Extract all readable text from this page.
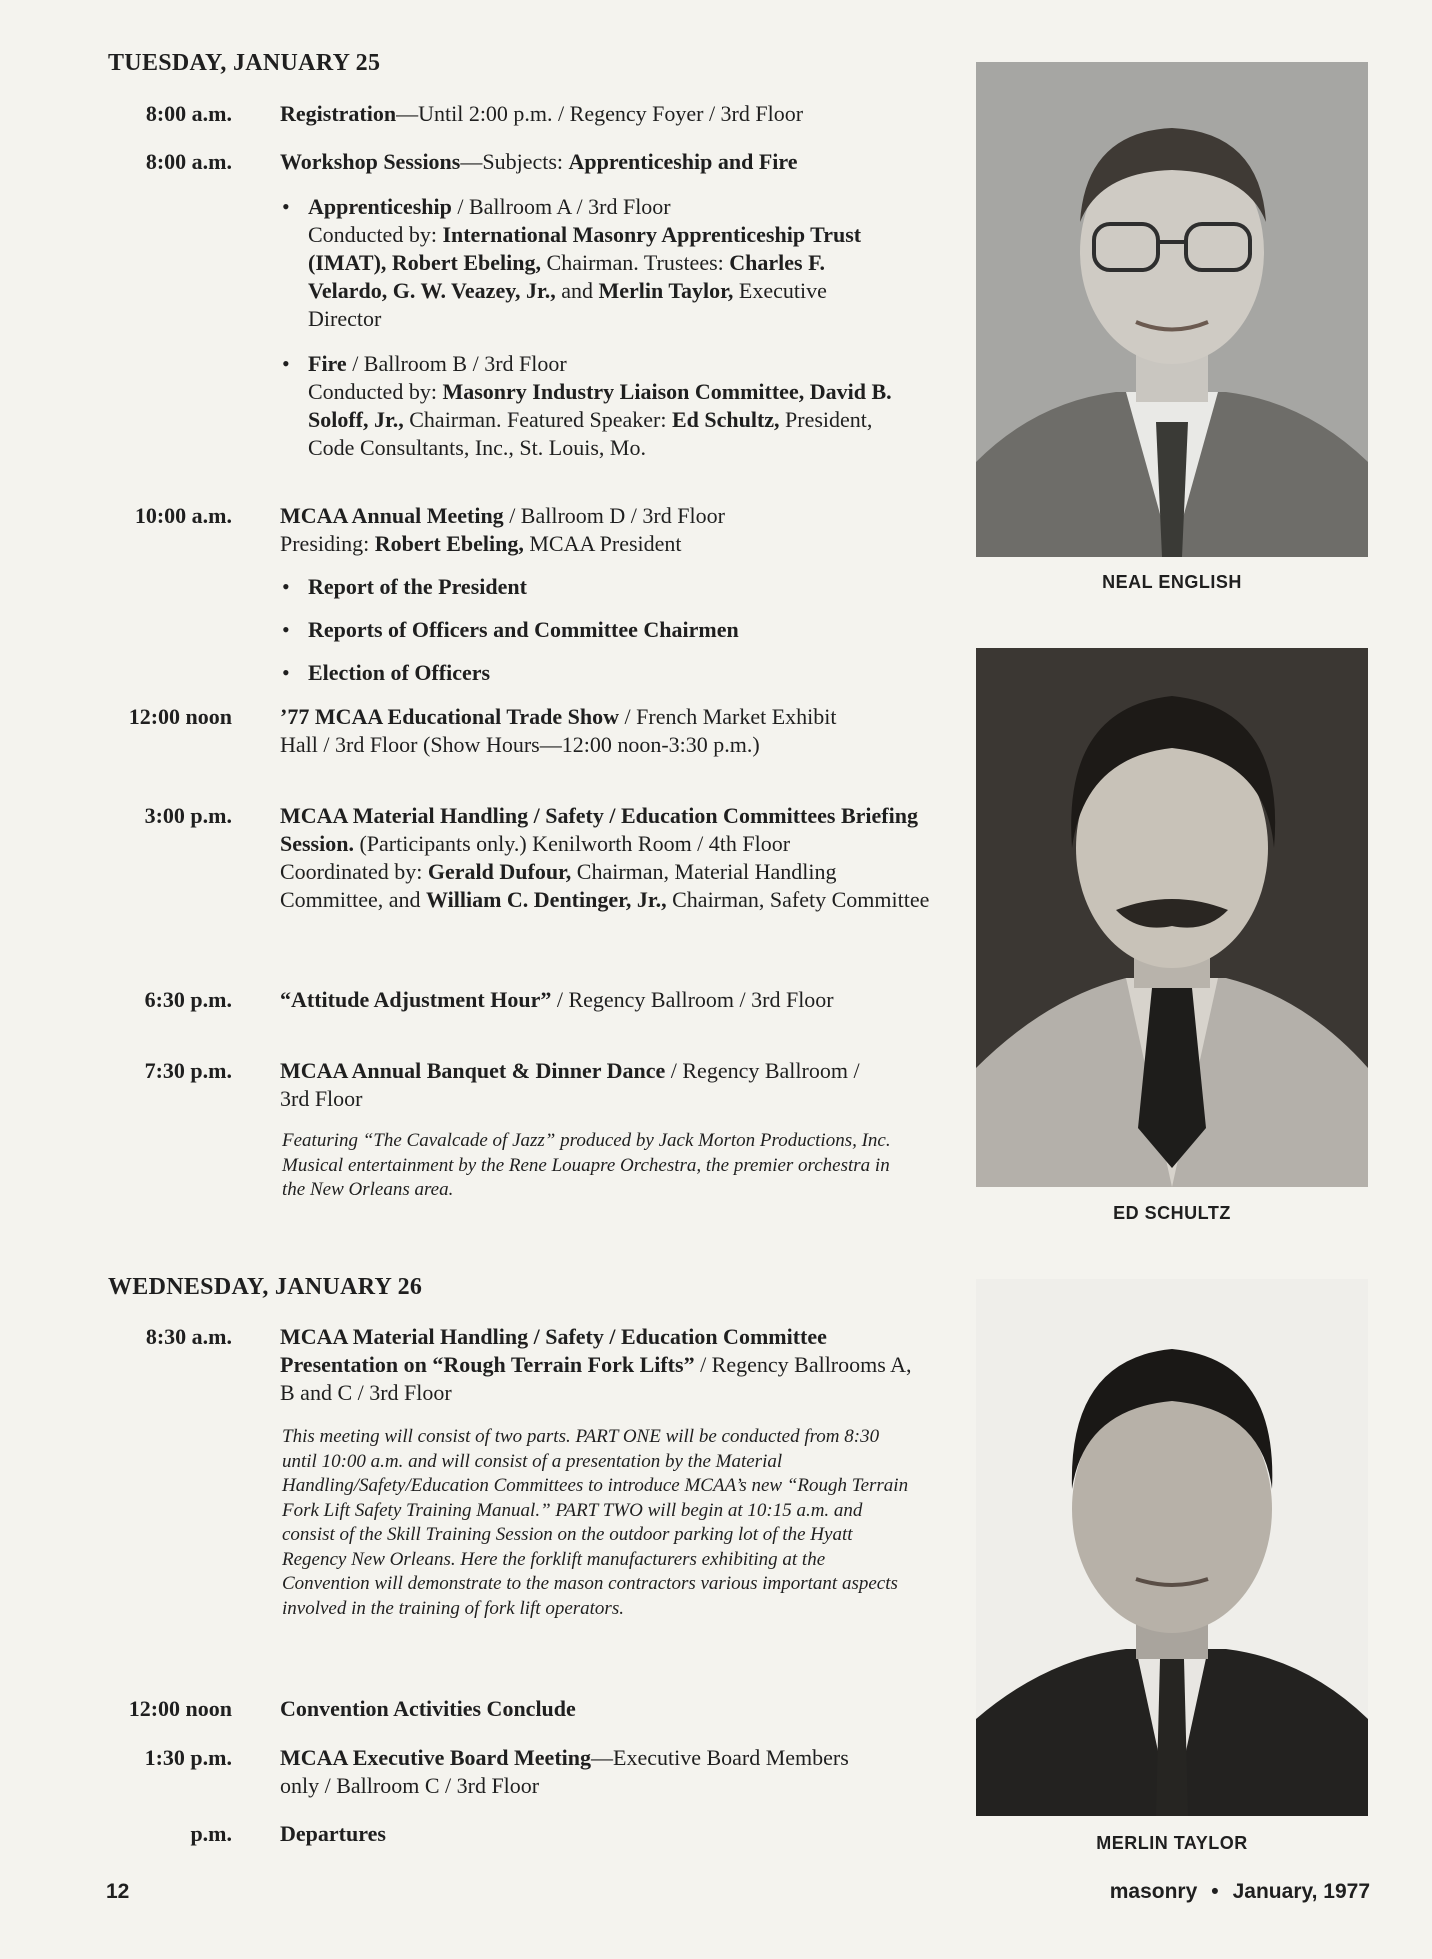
TUESDAY, JANUARY 25
8:00 a.m.	Registration—Until 2:00 p.m. / Regency Foyer / 3rd Floor
8:00 a.m.	Workshop Sessions—Subjects: Apprenticeship and Fire
• Apprenticeship / Ballroom A / 3rd Floor
Conducted by: International Masonry Apprenticeship Trust (IMAT), Robert Ebeling, Chairman. Trustees: Charles F. Velardo, G. W. Veazey, Jr., and Merlin Taylor, Executive Director
• Fire / Ballroom B / 3rd Floor
Conducted by: Masonry Industry Liaison Committee, David B. Soloff, Jr., Chairman. Featured Speaker: Ed Schultz, President, Code Consultants, Inc., St. Louis, Mo.
10:00 a.m.	MCAA Annual Meeting / Ballroom D / 3rd Floor
Presiding: Robert Ebeling, MCAA President
• Report of the President
• Reports of Officers and Committee Chairmen
• Election of Officers
12:00 noon	’77 MCAA Educational Trade Show / French Market Exhibit Hall / 3rd Floor (Show Hours—12:00 noon-3:30 p.m.)
3:00 p.m.	MCAA Material Handling / Safety / Education Committees Briefing Session. (Participants only.) Kenilworth Room / 4th Floor
Coordinated by: Gerald Dufour, Chairman, Material Handling Committee, and William C. Dentinger, Jr., Chairman, Safety Committee
6:30 p.m.	“Attitude Adjustment Hour” / Regency Ballroom / 3rd Floor
7:30 p.m.	MCAA Annual Banquet & Dinner Dance / Regency Ballroom / 3rd Floor
Featuring “The Cavalcade of Jazz” produced by Jack Morton Productions, Inc. Musical entertainment by the Rene Louapre Orchestra, the premier orchestra in the New Orleans area.
WEDNESDAY, JANUARY 26
8:30 a.m.	MCAA Material Handling / Safety / Education Committee Presentation on “Rough Terrain Fork Lifts” / Regency Ballrooms A, B and C / 3rd Floor
This meeting will consist of two parts. PART ONE will be conducted from 8:30 until 10:00 a.m. and will consist of a presentation by the Material Handling/Safety/Education Committees to introduce MCAA’s new “Rough Terrain Fork Lift Safety Training Manual.” PART TWO will begin at 10:15 a.m. and consist of the Skill Training Session on the outdoor parking lot of the Hyatt Regency New Orleans. Here the forklift manufacturers exhibiting at the Convention will demonstrate to the mason contractors various important aspects involved in the training of fork lift operators.
12:00 noon	Convention Activities Conclude
1:30 p.m.	MCAA Executive Board Meeting—Executive Board Members only / Ballroom C / 3rd Floor
p.m.	Departures
NEAL ENGLISH
ED SCHULTZ
MERLIN TAYLOR
12	masonry • January, 1977
